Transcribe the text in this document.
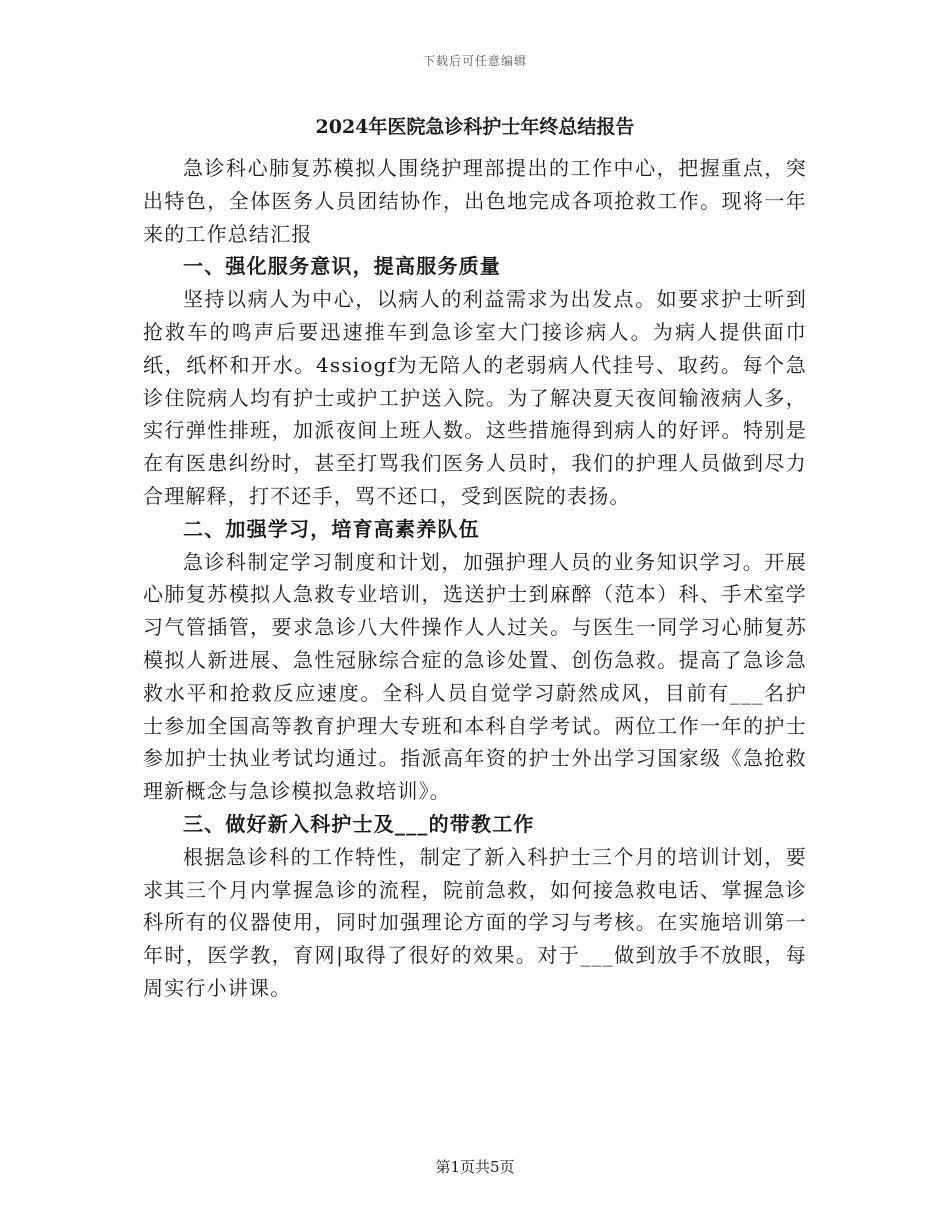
下载后可任意编辑
2024年医院急诊科护士年终总结报告

急诊科心肺复苏模拟人围绕护理部提出的工作中心，把握重点，突出特色，全体医务人员团结协作，出色地完成各项抢救工作。现将一年来的工作总结汇报

一、强化服务意识，提高服务质量

坚持以病人为中心，以病人的利益需求为出发点。如要求护士听到抢救车的鸣声后要迅速推车到急诊室大门接诊病人。为病人提供面巾纸，纸杯和开水。4ssiogf为无陪人的老弱病人代挂号、取药。每个急诊住院病人均有护士或护工护送入院。为了解决夏天夜间输液病人多，实行弹性排班，加派夜间上班人数。这些措施得到病人的好评。特别是在有医患纠纷时，甚至打骂我们医务人员时，我们的护理人员做到尽力合理解释，打不还手，骂不还口，受到医院的表扬。

二、加强学习，培育高素养队伍

急诊科制定学习制度和计划，加强护理人员的业务知识学习。开展心肺复苏模拟人急救专业培训，选送护士到麻醉（范本）科、手术室学习气管插管，要求急诊八大件操作人人过关。与医生一同学习心肺复苏模拟人新进展、急性冠脉综合症的急诊处置、创伤急救。提高了急诊急救水平和抢救反应速度。全科人员自觉学习蔚然成风，目前有___名护士参加全国高等教育护理大专班和本科自学考试。两位工作一年的护士参加护士执业考试均通过。指派高年资的护士外出学习国家级《急抢救理新概念与急诊模拟急救培训》。

三、做好新入科护士及___的带教工作

根据急诊科的工作特性，制定了新入科护士三个月的培训计划，要求其三个月内掌握急诊的流程，院前急救，如何接急救电话、掌握急诊科所有的仪器使用，同时加强理论方面的学习与考核。在实施培训第一年时，医学教，育网|取得了很好的效果。对于___做到放手不放眼，每周实行小讲课。

第1页共5页
